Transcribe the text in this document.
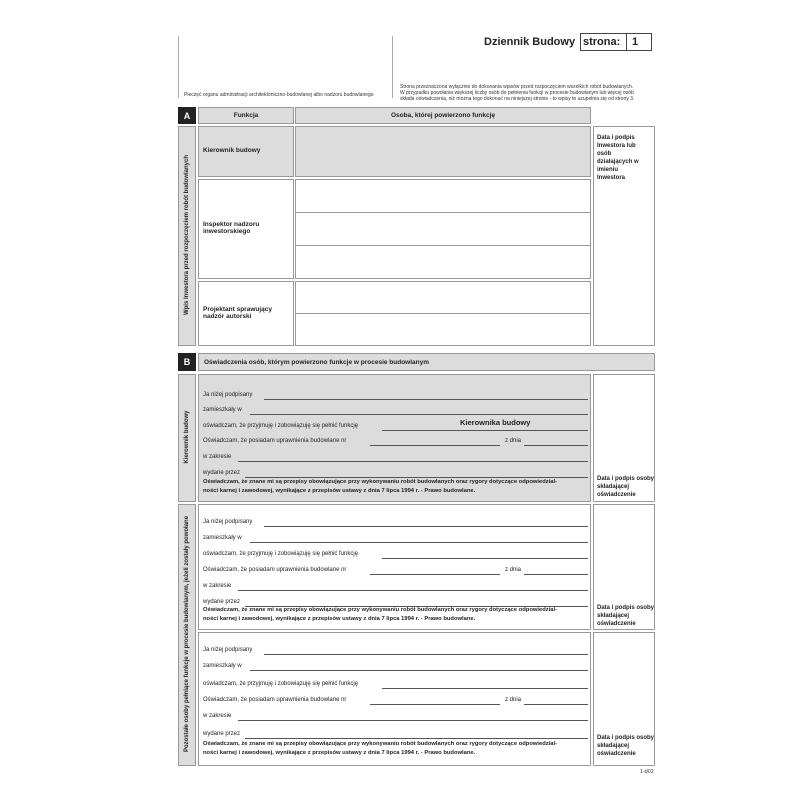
Pieczęć organu administracji architektoniczno-budowlanej albo nadzoru budowlanego
Dziennik Budowy strona: 1
Strona przeznaczona wyłącznie do dokonania wpisów przed rozpoczęciem wszelkich robót budowlanych.
W przypadku powołania większej liczby osób do pełnienia funkcji w procesie budowlanym lub więcej osób
składa oświadczenia, niż można tego dokonać na niniejszej stronie - to wpisy te uzupełnia się od strony 3.
A	Funkcja	Osoba, której powierzono funkcję
Wpis Inwestora przed rozpoczęciem robót budowlanych
Kierownik budowy
Inspektor nadzoru inwestorskiego
Projektant sprawujący nadzór autorski
Data i podpis Inwestora lub osób działających w imieniu Inwestora
B	Oświadczenia osób, którym powierzono funkcje w procesie budowlanym
Kierownik budowy
Pozostałe osoby pełniące funkcje w procesie budowlanym, jeżeli zostały powołane
Data i podpis osoby składającej oświadczenie
Data i podpis osoby składającej oświadczenie
Data i podpis osoby składającej oświadczenie
Ja niżej podpisany
zamieszkały w
oświadczam, że przyjmuję i zobowiązuję się pełnić funkcję	Kierownika budowy
Oświadczam, że posiadam uprawnienia budowlane nr	z dnia
w zakresie
wydane przez
Oświadczam, że znane mi są przepisy obowiązujące przy wykonywaniu robót budowlanych oraz rygory dotyczące odpowiedzial-
ności karnej i zawodowej, wynikające z przepisów ustawy z dnia 7 lipca 1994 r. - Prawo budowlane.
Ja niżej podpisany
zamieszkały w
oświadczam, że przyjmuję i zobowiązuję się pełnić funkcję
Oświadczam, że posiadam uprawnienia budowlane nr	z dnia
w zakresie
wydane przez
Oświadczam, że znane mi są przepisy obowiązujące przy wykonywaniu robót budowlanych oraz rygory dotyczące odpowiedzial-
ności karnej i zawodowej, wynikające z przepisów ustawy z dnia 7 lipca 1994 r. - Prawo budowlane.
Ja niżej podpisany
zamieszkały w
oświadczam, że przyjmuję i zobowiązuję się pełnić funkcję
Oświadczam, że posiadam uprawnienia budowlane nr	z dnia
w zakresie
wydane przez
Oświadczam, że znane mi są przepisy obowiązujące przy wykonywaniu robót budowlanych oraz rygory dotyczące odpowiedzial-
ności karnej i zawodowej, wynikające z przepisów ustawy z dnia 7 lipca 1994 r. - Prawo budowlane.
1-ii/02
